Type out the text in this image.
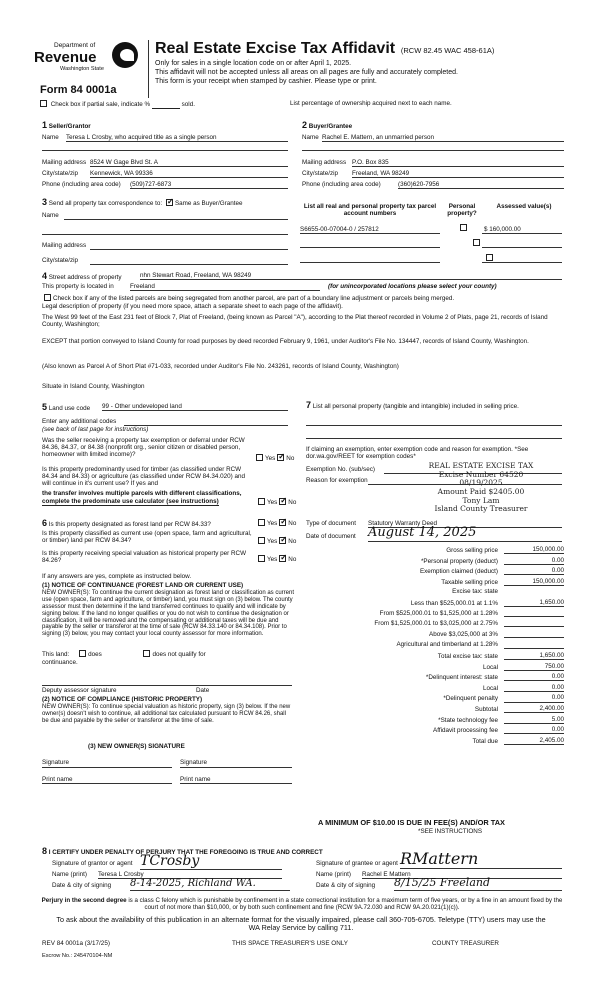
Department of
Revenue
Washington State
Form 84 0001a
Real Estate Excise Tax Affidavit (RCW 82.45 WAC 458-61A)
Only for sales in a single location code on or after April 1, 2025.
This affidavit will not be accepted unless all areas on all pages are fully and accurately completed.
This form is your receipt when stamped by cashier. Please type or print.
Check box if partial sale, indicate %	sold.	List percentage of ownership acquired next to each name.
1 Seller/Grantor
Name Teresa L Crosby, who acquired title as a single person
Mailing address 8524 W Gage Blvd St. A
City/state/zip Kennewick, WA 99336
Phone (including area code) (509)727-6873
2 Buyer/Grantee
Name Rachel E. Mattern, an unmarried person
Mailing address P.O. Box 835
City/state/zip Freeland, WA 98249
Phone (including area code)	(360)620-7956
3 Send all property tax correspondence to: ✓ Same as Buyer/Grantee
Name
Mailing address
City/state/zip
List all real and personal property tax parcel account numbers
Personal property?
Assessed value(s)
S6655-00-07004-0 / 257812
	$ 160,000.00

4 Street address of property	nhn Stewart Road, Freeland, WA 98249
This property is located in	Freeland	(for unincorporated locations please select your county)
Check box if any of the listed parcels are being segregated from another parcel, are part of a boundary line adjustment or parcels being merged.
Legal description of property (if you need more space, attach a separate sheet to each page of the affidavit).
The West 99 feet of the East 231 feet of Block 7, Plat of Freeland, (being known as Parcel "A"), according to the Plat thereof recorded in Volume 2 of Plats, page 21, records of Island County, Washington;
EXCEPT that portion conveyed to Island County for road purposes by deed recorded February 9, 1961, under Auditor's File No. 134447, records of Island County, Washington.
(Also known as Parcel A of Short Plat #71-033, recorded under Auditor's File No. 243261, records of Island County, Washington)
Situate in Island County, Washington
5 Land use code 99 - Other undeveloped land
Enter any additional codes
(see back of last page for instructions)
Was the seller receiving a property tax exemption or deferral under RCW 84.36, 84.37, or 84.38 (nonprofit org., senior citizen or disabled person, homeowner with limited income)?
Yes ✓ No
Is this property predominantly used for timber (as classified under RCW 84.34 and 84.33) or agriculture (as classified under RCW 84.34.020) and will continue in it's current use? If yes and
the transfer involves multiple parcels with different classifications,
complete the predominate use calculator (see instructions)	Yes ✓ No
7 List all personal property (tangible and intangible) included in selling price.
If claiming an exemption, enter exemption code and reason for exemption. *See dor.wa.gov/REET for exemption codes*
Exemption No. (sub/sec)
Reason for exemption
REAL ESTATE EXCISE TAX
Excise Number 64520
08/19/2025
Amount Paid $2405.00
Tony Lam
Island County Treasurer
6 Is this property designated as forest land per RCW 84.33?	Yes ✓ No
Is this property classified as current use (open space, farm and agricultural, or timber) land per RCW 84.34?	Yes ✓ No
Is this property receiving special valuation as historical property per RCW 84.26?	Yes ✓ No
If any answers are yes, complete as instructed below.
(1) NOTICE OF CONTINUANCE (FOREST LAND OR CURRENT USE)
NEW OWNER(S): To continue the current designation as forest land or classification as current use (open space, farm and agriculture, or timber) land, you must sign on (3) below. The county assessor must then determine if the land transferred continues to qualify and will indicate by signing below. If the land no longer qualifies or you do not wish to continue the designation or classification, it will be removed and the compensating or additional taxes will be due and payable by the seller or transferor at the time of sale (RCW 84.33.140 or 84.34.108). Prior to signing (3) below, you may contact your local county assessor for more information.
This land:	does	does not qualify for
continuance.
Deputy assessor signature	Date
(2) NOTICE OF COMPLIANCE (HISTORIC PROPERTY)
NEW OWNER(S): To continue special valuation as historic property, sign (3) below. If the new owner(s) doesn't wish to continue, all additional tax calculated pursuant to RCW 84.26, shall be due and payable by the seller or transferor at the time of sale.
(3) NEW OWNER(S) SIGNATURE
Signature	Signature
Print name	Print name
Type of document Statutory Warranty Deed
Date of document August 14, 2025
Gross selling price	150,000.00
*Personal property (deduct)	0.00
Exemption claimed (deduct)	0.00
Taxable selling price	150,000.00
Excise tax: state
Less than $525,000.01 at 1.1%	1,650.00
From $525,000.01 to $1,525,000 at 1.28%
From $1,525,000.01 to $3,025,000 at 2.75%
Above $3,025,000 at 3%
Agricultural and timberland at 1.28%
Total excise tax: state	1,650.00
Local	750.00
*Delinquent interest: state	0.00
Local	0.00
*Delinquent penalty	0.00
Subtotal	2,400.00
*State technology fee	5.00
Affidavit processing fee	0.00
Total due	2,405.00
A MINIMUM OF $10.00 IS DUE IN FEE(S) AND/OR TAX
*SEE INSTRUCTIONS
8 I CERTIFY UNDER PENALTY OF PERJURY THAT THE FOREGOING IS TRUE AND CORRECT
Signature of grantor or agent TCrosby
Name (print) Teresa L Crosby
Date & city of signing 8-14-2025, Richland WA.
Signature of grantee or agent RMattern
Name (print) Rachel E Mattern
Date & city of signing 8/15/25 Freeland
Perjury in the second degree is a class C felony which is punishable by confinement in a state correctional institution for a maximum term of five years, or by a fine in an amount fixed by the court of not more than $10,000, or by both such confinement and fine (RCW 9A.72.030 and RCW 9A.20.021(1)(c)).
To ask about the availability of this publication in an alternate format for the visually impaired, please call 360-705-6705. Teletype (TTY) users may use the WA Relay Service by calling 711.
REV 84 0001a (3/17/25)	THIS SPACE TREASURER'S USE ONLY	COUNTY TREASURER
Escrow No.: 245470104-NM
